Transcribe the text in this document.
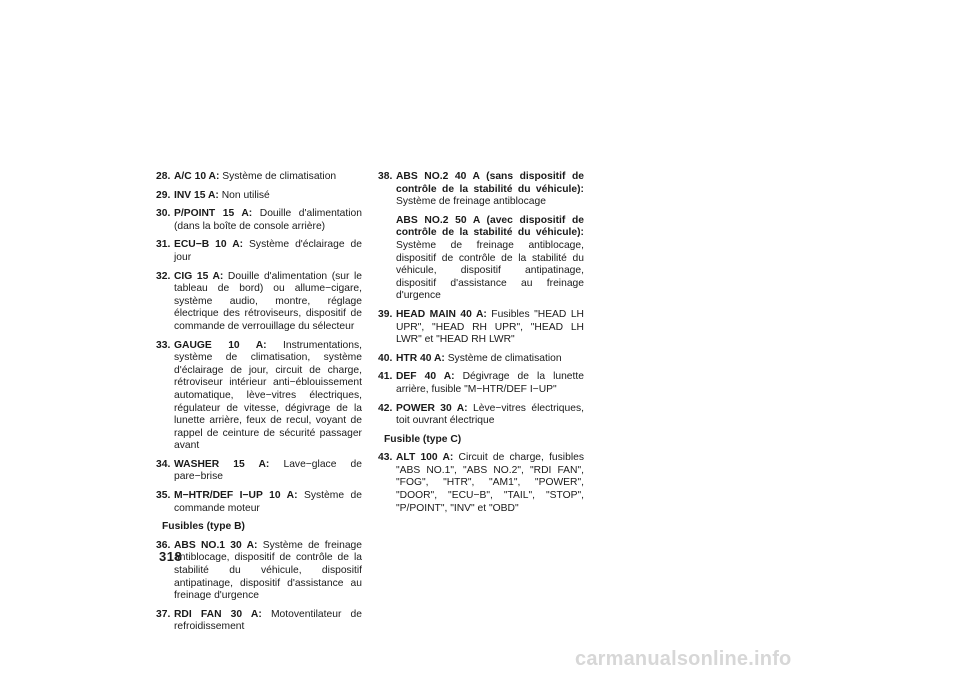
28. A/C 10 A: Système de climatisation
29. INV 15 A: Non utilisé
30. P/POINT 15 A: Douille d'alimentation (dans la boîte de console arrière)
31. ECU−B 10 A: Système d'éclairage de jour
32. CIG 15 A: Douille d'alimentation (sur le tableau de bord) ou allume−cigare, système audio, montre, réglage électrique des rétroviseurs, dispositif de commande de verrouillage du sélecteur
33. GAUGE 10 A: Instrumentations, système de climatisation, système d'éclairage de jour, circuit de charge, rétroviseur intérieur anti−éblouissement automatique, lève−vitres électriques, régulateur de vitesse, dégivrage de la lunette arrière, feux de recul, voyant de rappel de ceinture de sécurité passager avant
34. WASHER 15 A: Lave−glace de pare−brise
35. M−HTR/DEF I−UP 10 A: Système de commande moteur
Fusibles (type B)
36. ABS NO.1 30 A: Système de freinage antiblocage, dispositif de contrôle de la stabilité du véhicule, dispositif antipatinage, dispositif d'assistance au freinage d'urgence
37. RDI FAN 30 A: Motoventilateur de refroidissement
38. ABS NO.2 40 A (sans dispositif de contrôle de la stabilité du véhicule): Système de freinage antiblocage
ABS NO.2 50 A (avec dispositif de contrôle de la stabilité du véhicule): Système de freinage antiblocage, dispositif de contrôle de la stabilité du véhicule, dispositif antipatinage, dispositif d'assistance au freinage d'urgence
39. HEAD MAIN 40 A: Fusibles "HEAD LH UPR", "HEAD RH UPR", "HEAD LH LWR" et "HEAD RH LWR"
40. HTR 40 A: Système de climatisation
41. DEF 40 A: Dégivrage de la lunette arrière, fusible "M−HTR/DEF I−UP"
42. POWER 30 A: Lève−vitres électriques, toit ouvrant électrique
Fusible (type C)
43. ALT 100 A: Circuit de charge, fusibles "ABS NO.1", "ABS NO.2", "RDI FAN", "FOG", "HTR", "AM1", "POWER", "DOOR", "ECU−B", "TAIL", "STOP", "P/POINT", "INV" et "OBD"
318
carmanualsonline.info
